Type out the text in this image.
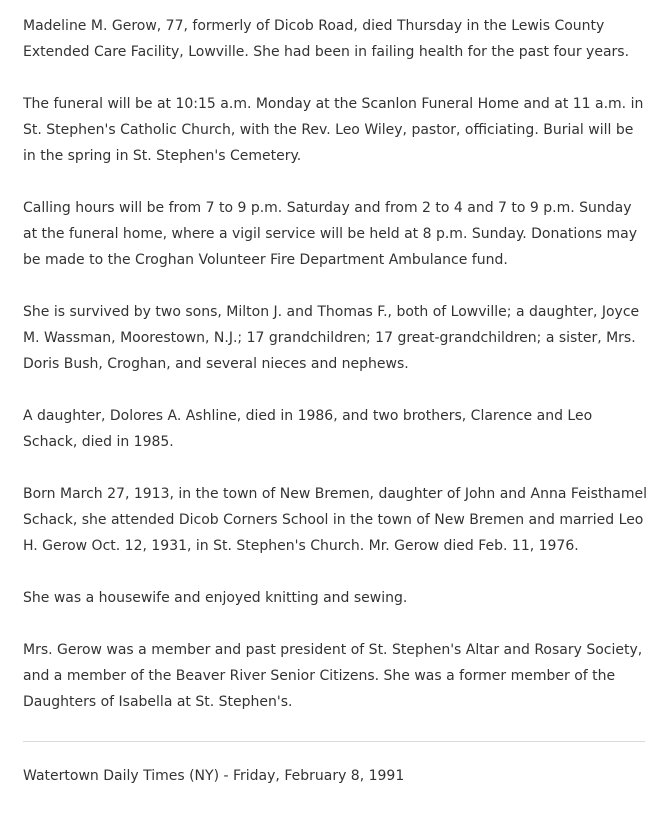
Madeline M. Gerow, 77, formerly of Dicob Road, died Thursday in the Lewis County Extended Care Facility, Lowville. She had been in failing health for the past four years.

The funeral will be at 10:15 a.m. Monday at the Scanlon Funeral Home and at 11 a.m. in St. Stephen's Catholic Church, with the Rev. Leo Wiley, pastor, officiating. Burial will be in the spring in St. Stephen's Cemetery.

Calling hours will be from 7 to 9 p.m. Saturday and from 2 to 4 and 7 to 9 p.m. Sunday at the funeral home, where a vigil service will be held at 8 p.m. Sunday. Donations may be made to the Croghan Volunteer Fire Department Ambulance fund.

She is survived by two sons, Milton J. and Thomas F., both of Lowville; a daughter, Joyce M. Wassman, Moorestown, N.J.; 17 grandchildren; 17 great-grandchildren; a sister, Mrs. Doris Bush, Croghan, and several nieces and nephews.

A daughter, Dolores A. Ashline, died in 1986, and two brothers, Clarence and Leo Schack, died in 1985.

Born March 27, 1913, in the town of New Bremen, daughter of John and Anna Feisthamel Schack, she attended Dicob Corners School in the town of New Bremen and married Leo H. Gerow Oct. 12, 1931, in St. Stephen's Church. Mr. Gerow died Feb. 11, 1976.

She was a housewife and enjoyed knitting and sewing.

Mrs. Gerow was a member and past president of St. Stephen's Altar and Rosary Society, and a member of the Beaver River Senior Citizens. She was a former member of the Daughters of Isabella at St. Stephen's.

Watertown Daily Times (NY) - Friday, February 8, 1991
